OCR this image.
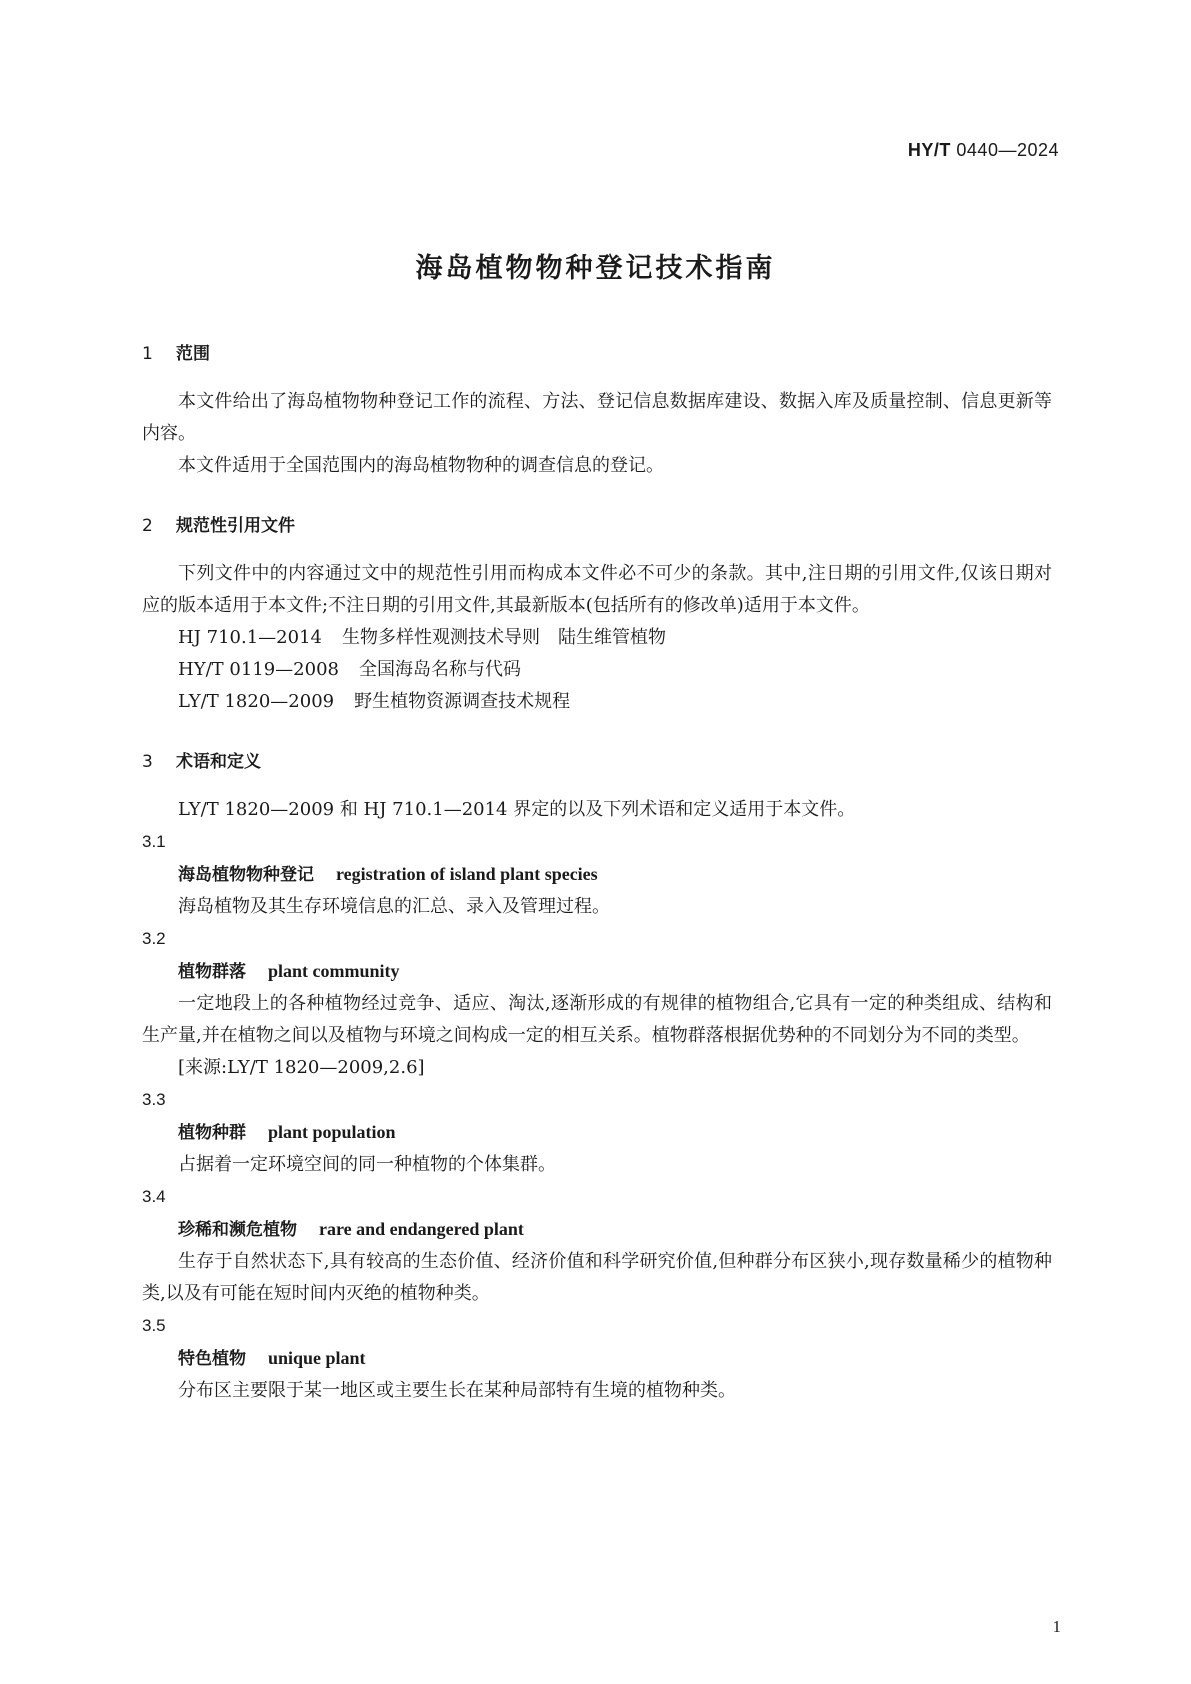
HY/T 0440—2024
海岛植物物种登记技术指南
1 范围

本文件给出了海岛植物物种登记工作的流程、方法、登记信息数据库建设、数据入库及质量控制、信息更新等内容。

本文件适用于全国范围内的海岛植物物种的调查信息的登记。

2 规范性引用文件

下列文件中的内容通过文中的规范性引用而构成本文件必不可少的条款。其中,注日期的引用文件,仅该日期对应的版本适用于本文件;不注日期的引用文件,其最新版本(包括所有的修改单)适用于本文件。

HJ 710.1—2014 生物多样性观测技术导则　陆生维管植物

HY/T 0119—2008 全国海岛名称与代码

LY/T 1820—2009 野生植物资源调查技术规程

3 术语和定义

LY/T 1820—2009 和 HJ 710.1—2014 界定的以及下列术语和定义适用于本文件。

3.1

海岛植物物种登记 registration of island plant species

海岛植物及其生存环境信息的汇总、录入及管理过程。

3.2

植物群落 plant community

一定地段上的各种植物经过竞争、适应、淘汰,逐渐形成的有规律的植物组合,它具有一定的种类组成、结构和生产量,并在植物之间以及植物与环境之间构成一定的相互关系。植物群落根据优势种的不同划分为不同的类型。

[来源:LY/T 1820—2009,2.6]

3.3

植物种群 plant population

占据着一定环境空间的同一种植物的个体集群。

3.4

珍稀和濒危植物 rare and endangered plant

生存于自然状态下,具有较高的生态价值、经济价值和科学研究价值,但种群分布区狭小,现存数量稀少的植物种类,以及有可能在短时间内灭绝的植物种类。

3.5

特色植物 unique plant

分布区主要限于某一地区或主要生长在某种局部特有生境的植物种类。

1
